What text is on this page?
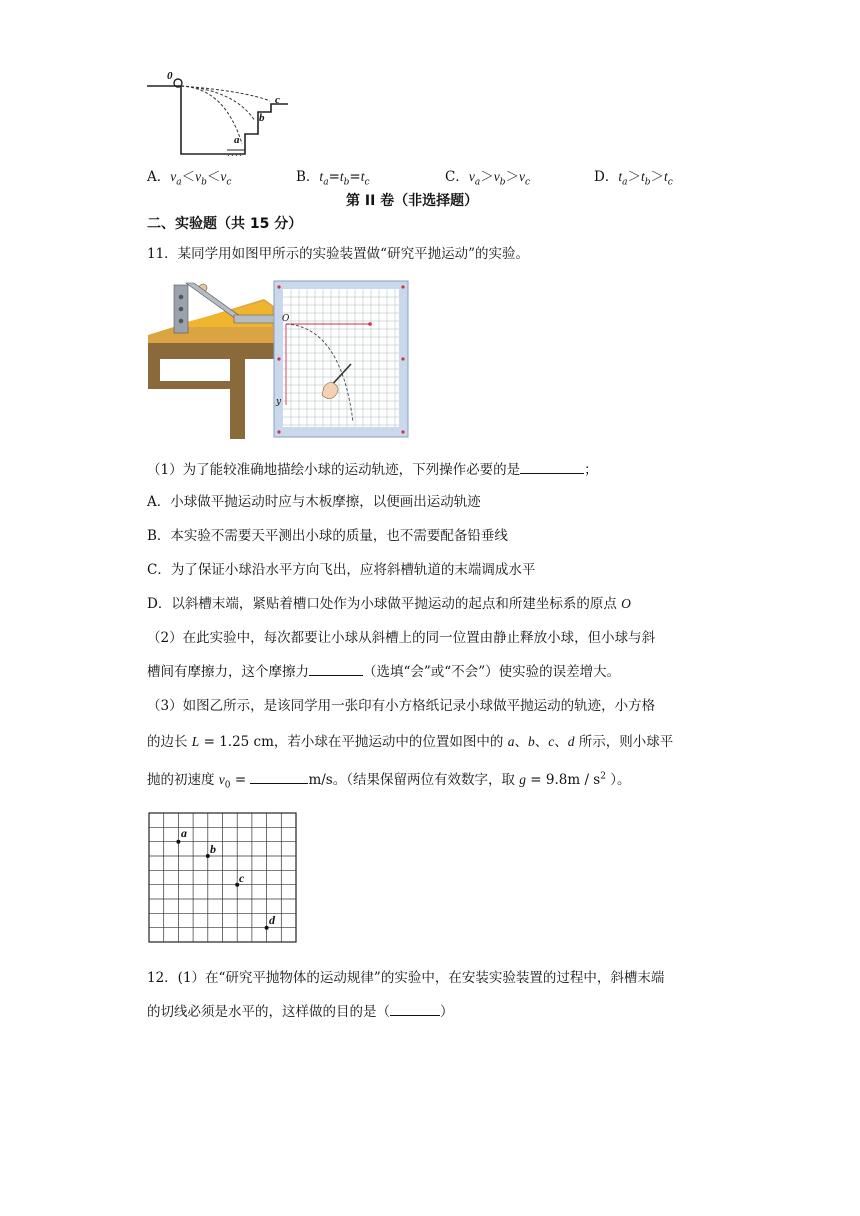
0
a
b
c
A．$v_a<v_b<v_c$	B．$t_a=t_b=t_c$	C．$v_a>v_b>v_c$	D．$t_a>t_b>t_c$
第 II 卷（非选择题）
二、实验题（共 15 分）
11．某同学用如图甲所示的实验装置做“研究平抛运动”的实验。
O
y
（1）为了能较准确地描绘小球的运动轨迹，下列操作必要的是	；
A．小球做平抛运动时应与木板摩擦，以便画出运动轨迹
B．本实验不需要天平测出小球的质量，也不需要配备铅垂线
C．为了保证小球沿水平方向飞出，应将斜槽轨道的末端调成水平
D．以斜槽末端，紧贴着槽口处作为小球做平抛运动的起点和所建坐标系的原点 O
（2）在此实验中，每次都要让小球从斜槽上的同一位置由静止释放小球，但小球与斜
槽间有摩擦力，这个摩擦力	（选填“会”或“不会”）使实验的误差增大。
（3）如图乙所示，是该同学用一张印有小方格纸记录小球做平抛运动的轨迹，小方格
的边长 L = 1.25 cm，若小球在平抛运动中的位置如图中的 a、b、c、d 所示，则小球平
抛的初速度 $v_0$ =	m/s。（结果保留两位有效数字，取 $g = 9.8m / s^2$ ）。
a
b
c
d
12．(1）在“研究平抛物体的运动规律”的实验中，在安装实验装置的过程中，斜槽末端
的切线必须是水平的，这样做的目的是（	）
